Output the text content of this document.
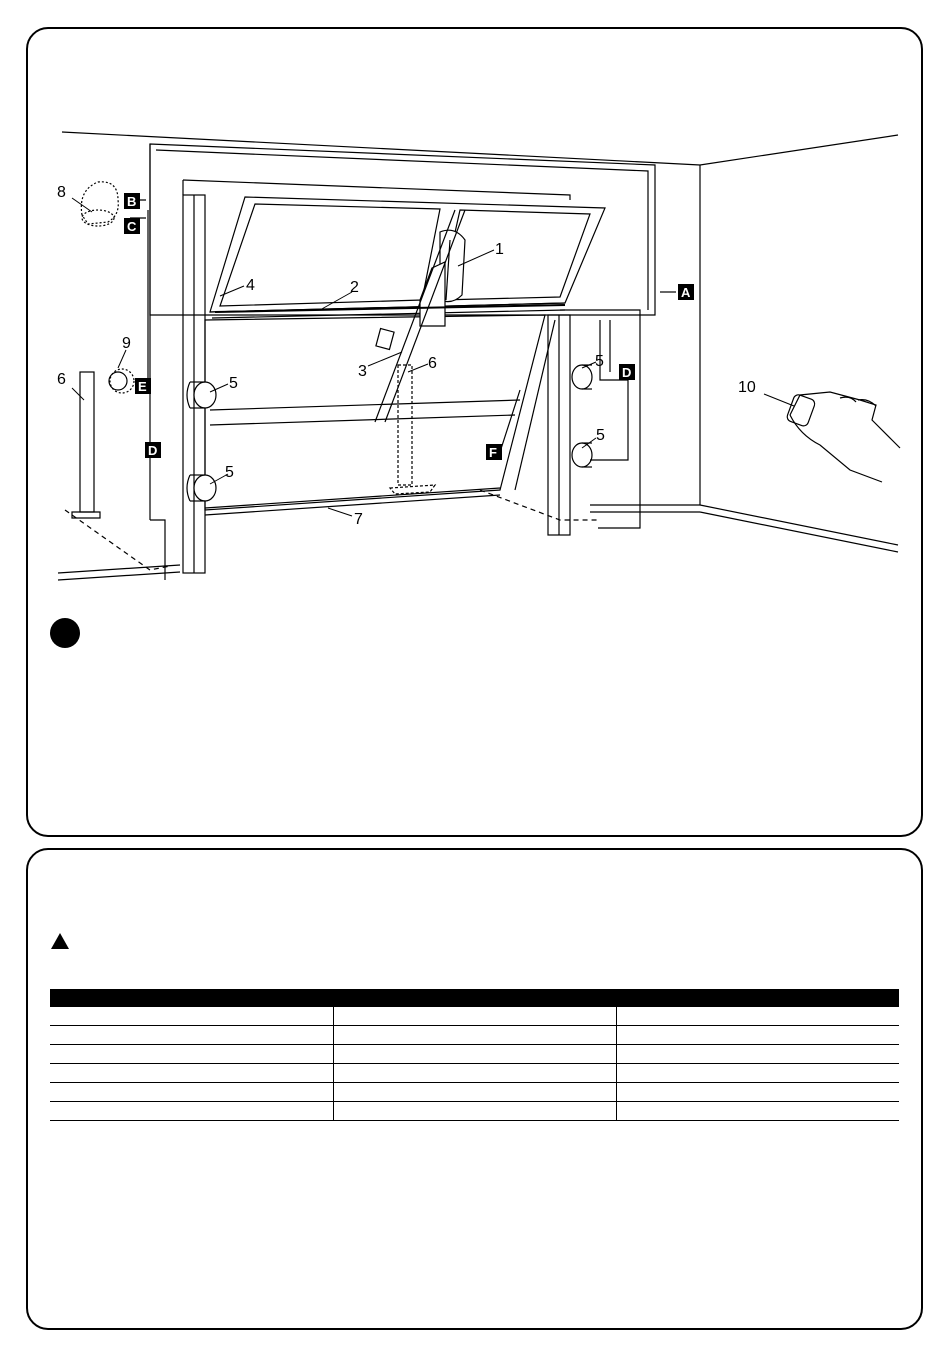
1
2
3
4
5
5
5
5
6
6
7
8
9
10
A
B
C
D
D
E
F
